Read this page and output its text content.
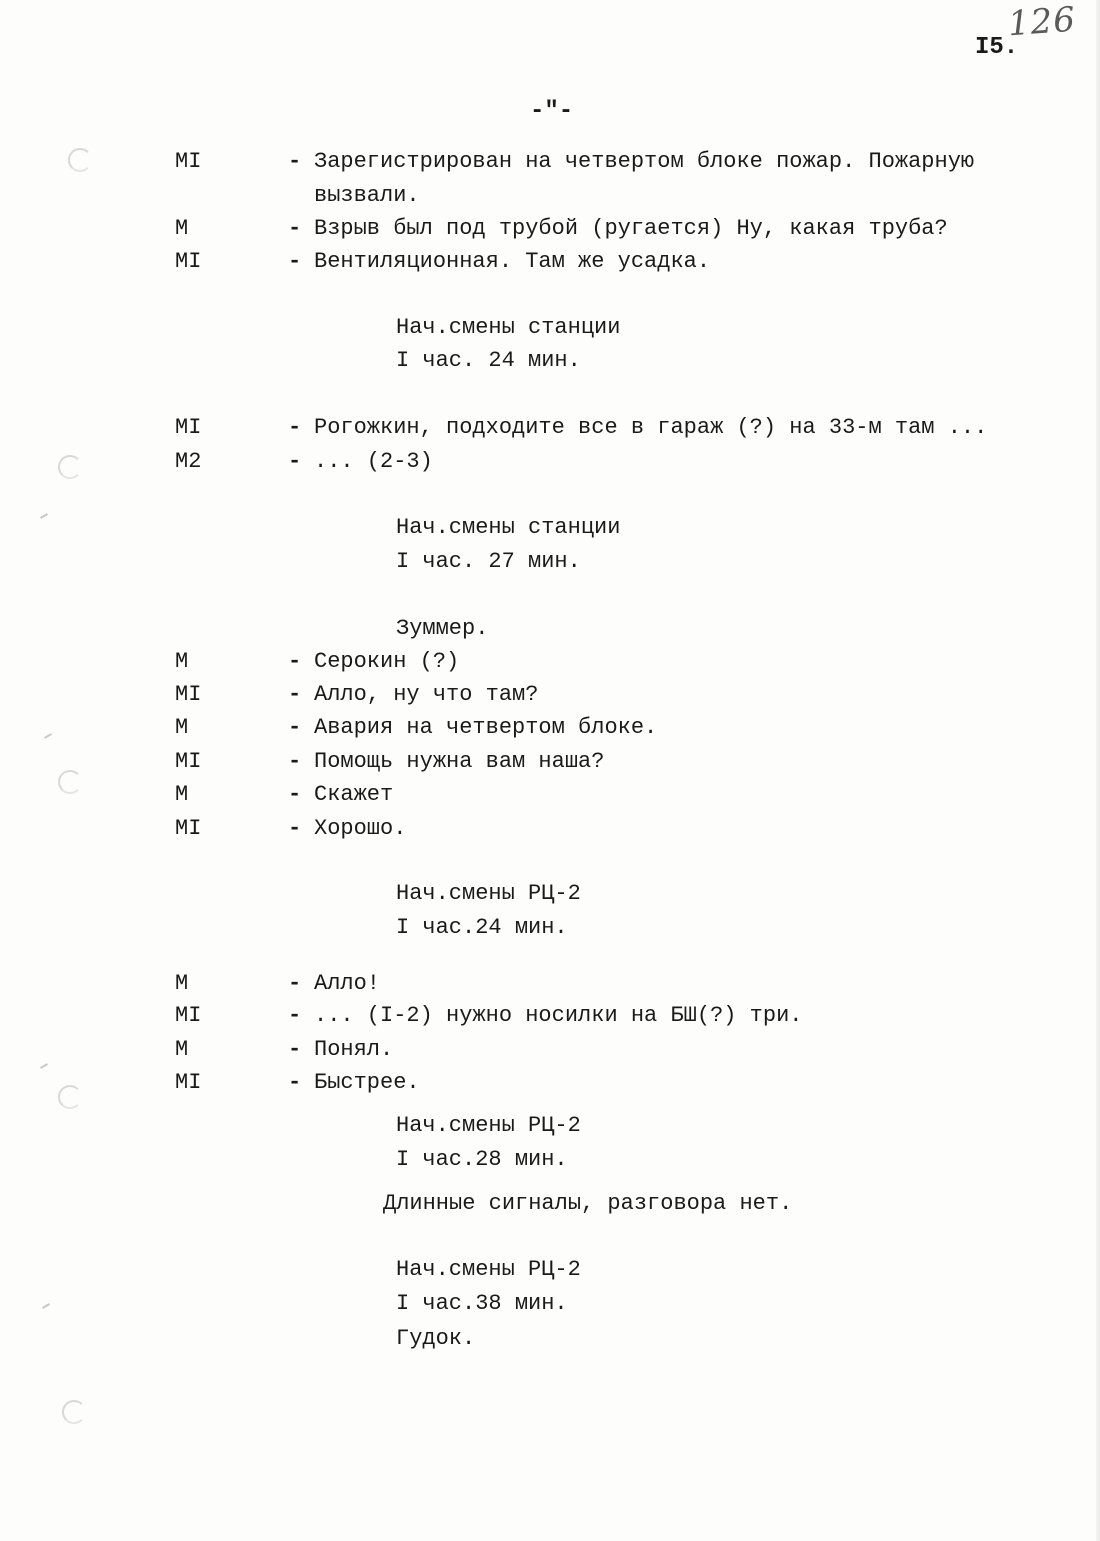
126
I5.
-"-
MI	- Зарегистрирован на четвертом блоке пожар. Пожарную
вызвали.
M	- Взрыв был под трубой (ругается) Ну, какая труба?
MI	- Вентиляционная. Там же усадка.
Нач.смены станции
I час. 24 мин.
MI	- Рогожкин, подходите все в гараж (?) на 33-м там ...
M2	- ... (2-3)
Нач.смены станции
I час. 27 мин.
Зуммер.
M	- Серокин (?)
MI	- Алло, ну что там?
M	- Авария на четвертом блоке.
MI	- Помощь нужна вам наша?
M	- Скажет
MI	- Хорошо.
Нач.смены РЦ-2
I час.24 мин.
M	- Алло!
MI	- ... (I-2) нужно носилки на БШ(?) три.
M	- Понял.
MI	- Быстрее.
Нач.смены РЦ-2
I час.28 мин.
Длинные сигналы, разговора нет.
Нач.смены РЦ-2
I час.38 мин.
Гудок.
